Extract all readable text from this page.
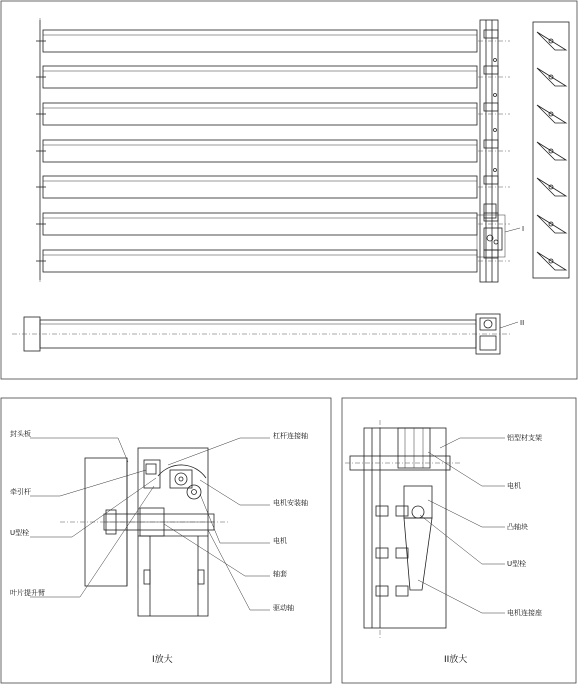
I
II
封头板
牵引杆
U型栓
叶片提升臂
杠杆连接轴
电机安装轴
电机
轴套
驱动轴
I放大
铝型材支架
电机
凸轴块
U型栓
电机连接座
II放大
